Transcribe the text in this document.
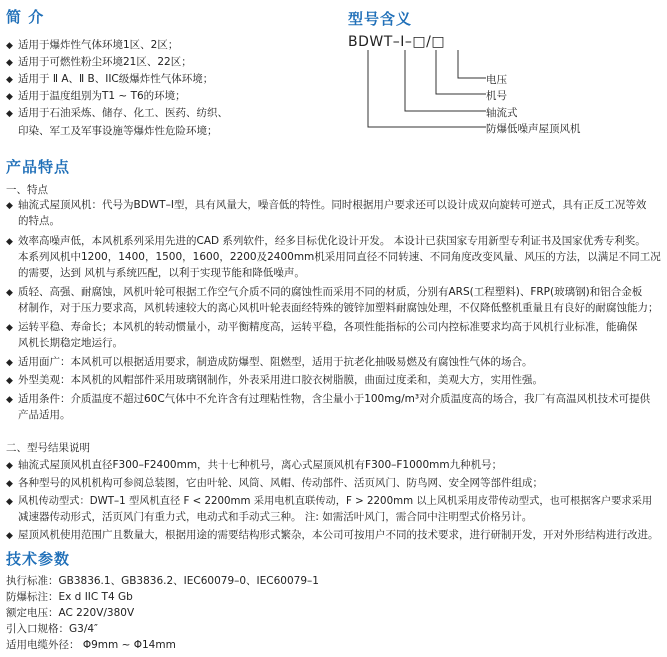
简 介
◆ 适用于爆炸性气体环境1区、2区；
◆ 适用于可燃性粉尘环境21区、22区；
◆ 适用于 Ⅱ A、Ⅱ B、IIC级爆炸性气体环境；
◆ 适用于温度组别为T1 ~ T6的环境；
◆ 适用于石油采炼、储存、化工、医药、纺织、
印染、军工及军事设施等爆炸性危险环境；
型号含义
BDWT–I–□/□
电压
机号
轴流式
防爆低噪声屋顶风机
产品特点
一、特点
◆ 轴流式屋顶风机：代号为BDWT–I型，具有风量大，噪音低的特性。同时根据用户要求还可以设计成双向旋转可逆式，具有正反工况等效
的特点。
◆ 效率高噪声低，本风机系列采用先进的CAD 系列软件，经多目标优化设计开发。 本设计已获国家专用新型专利证书及国家优秀专利奖。
本系列风机中1200，1400，1500，1600，2200及2400mm机采用同直径不同转速、不同角度改变风量、风压的方法，以满足不同工况
的需要，达到 风机与系统匹配，以利于实现节能和降低噪声。
◆ 质轻、高强、耐腐蚀，风机叶轮可根据工作空气介质不同的腐蚀性而采用不同的材质，分别有ARS(工程塑料)、FRP(玻璃钢)和铝合金板
材制作，对于压力要求高，风机转速较大的离心风机叶轮表面经特殊的镀锌加塑料耐腐蚀处理，不仅降低整机重量且有良好的耐腐蚀能力；
◆ 运转平稳、寿命长；本风机的转动惯量小，动平衡精度高，运转平稳，各项性能指标的公司内控标准要求均高于风机行业标准，能确保
风机长期稳定地运行。
◆ 适用面广：本风机可以根据适用要求，制造成防爆型、阻燃型，适用于抗老化抽吸易燃及有腐蚀性气体的场合。
◆ 外型美观：本风机的风帽部件采用玻璃钢制作，外表采用进口胶衣树脂膜，曲面过度柔和，美观大方，实用性强。
◆ 适用条件：介质温度不超过60C气体中不允许含有过理粘性物，含尘量小于100mg/m³对介质温度高的场合，我厂有高温风机技术可提供
产品适用。
二、型号结果说明
◆ 轴流式屋顶风机直径F300–F2400mm，共十七种机号，离心式屋顶风机有F300–F1000mm九种机号；
◆ 各种型号的风机机构可参阅总装图，它由叶轮、风筒、风帽、传动部件、活页风门、防鸟网、安全网等部件组成；
◆ 风机传动型式：DWT–1 型风机直径 F < 2200mm 采用电机直联传动，F > 2200mm 以上风机采用皮带传动型式，也可根据客户要求采用
减速器传动形式，活页风门有重力式，电动式和手动式三种。 注: 如需活叶风门，需合同中注明型式价格另计。
◆ 屋顶风机使用范围广且数量大，根据用途的需要结构形式繁杂，本公司可按用户不同的技术要求，进行研制开发，开对外形结构进行改进。
技术参数
执行标准：GB3836.1、GB3836.2、IEC60079–0、IEC60079–1
防爆标注：Ex d IIC T4 Gb
额定电压：AC 220V/380V
引入口规格：G3/4″
适用电缆外径： Φ9mm ~ Φ14mm
